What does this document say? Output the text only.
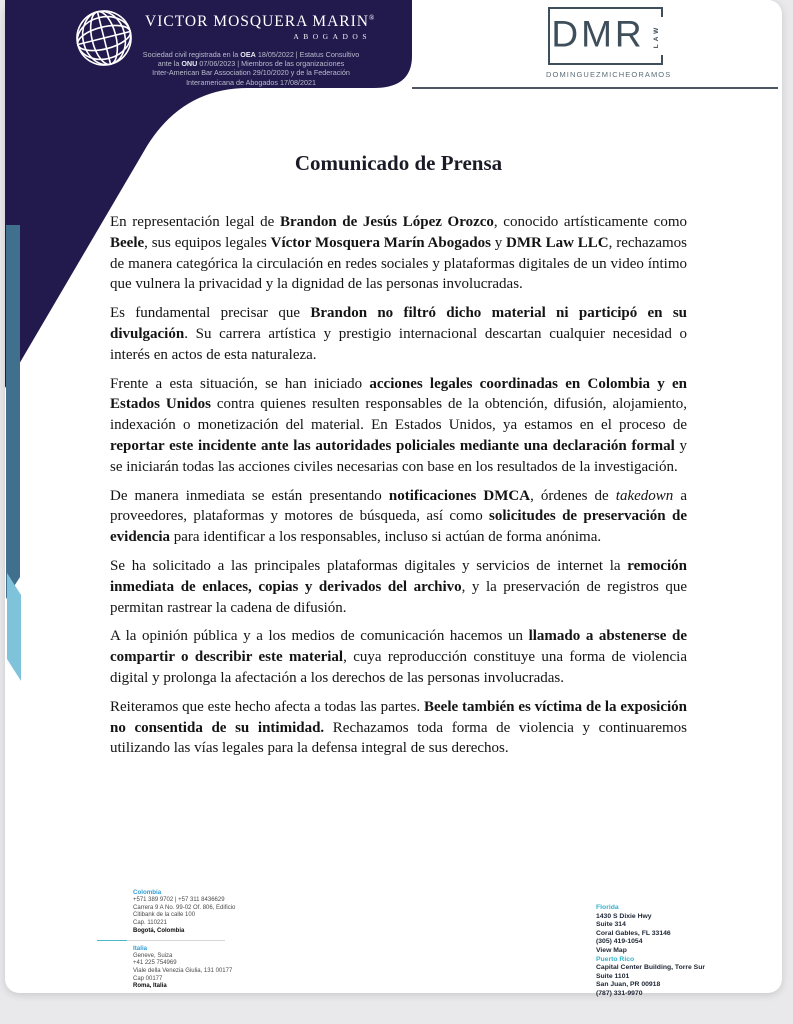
VICTOR MOSQUERA MARIN®
ABOGADOS
Sociedad civil registrada en la OEA 18/05/2022 | Estatus Consultivo
ante la ONU 07/06/2023 | Miembros de las organizaciones
Inter-American Bar Association 29/10/2020 y de la Federación
Interamericana de Abogados 17/08/2021
DMR LAW
DOMINGUEZ MICHEO RAMOS
Comunicado de Prensa

En representación legal de Brandon de Jesús López Orozco, conocido artísticamente como Beele, sus equipos legales Víctor Mosquera Marín Abogados y DMR Law LLC, rechazamos de manera categórica la circulación en redes sociales y plataformas digitales de un video íntimo que vulnera la privacidad y la dignidad de las personas involucradas.

Es fundamental precisar que Brandon no filtró dicho material ni participó en su divulgación. Su carrera artística y prestigio internacional descartan cualquier necesidad o interés en actos de esta naturaleza.

Frente a esta situación, se han iniciado acciones legales coordinadas en Colombia y en Estados Unidos contra quienes resulten responsables de la obtención, difusión, alojamiento, indexación o monetización del material. En Estados Unidos, ya estamos en el proceso de reportar este incidente ante las autoridades policiales mediante una declaración formal y se iniciarán todas las acciones civiles necesarias con base en los resultados de la investigación.

De manera inmediata se están presentando notificaciones DMCA, órdenes de takedown a proveedores, plataformas y motores de búsqueda, así como solicitudes de preservación de evidencia para identificar a los responsables, incluso si actúan de forma anónima.

Se ha solicitado a las principales plataformas digitales y servicios de internet la remoción inmediata de enlaces, copias y derivados del archivo, y la preservación de registros que permitan rastrear la cadena de difusión.

A la opinión pública y a los medios de comunicación hacemos un llamado a abstenerse de compartir o describir este material, cuya reproducción constituye una forma de violencia digital y prolonga la afectación a los derechos de las personas involucradas.

Reiteramos que este hecho afecta a todas las partes. Beele también es víctima de la exposición no consentida de su intimidad. Rechazamos toda forma de violencia y continuaremos utilizando las vías legales para la defensa integral de sus derechos.

Colombia
+571 389 9702 | +57 311 8436629
Carrera 9 A No. 99-02 Of. 806, Edificio
Citibank de la calle 100
Cap. 110221
Bogotá, Colombia
Italia
Geneve, Suiza
+41 225 754969
Viale della Venezia Giulia, 131 00177
Cap 00177
Roma, Italia
Florida
1430 S Dixie Hwy
Suite 314
Coral Gables, FL 33146
(305) 419-1054
View Map
Puerto Rico
Capital Center Building, Torre Sur
Suite 1101
San Juan, PR 00918
(787) 331-9970
